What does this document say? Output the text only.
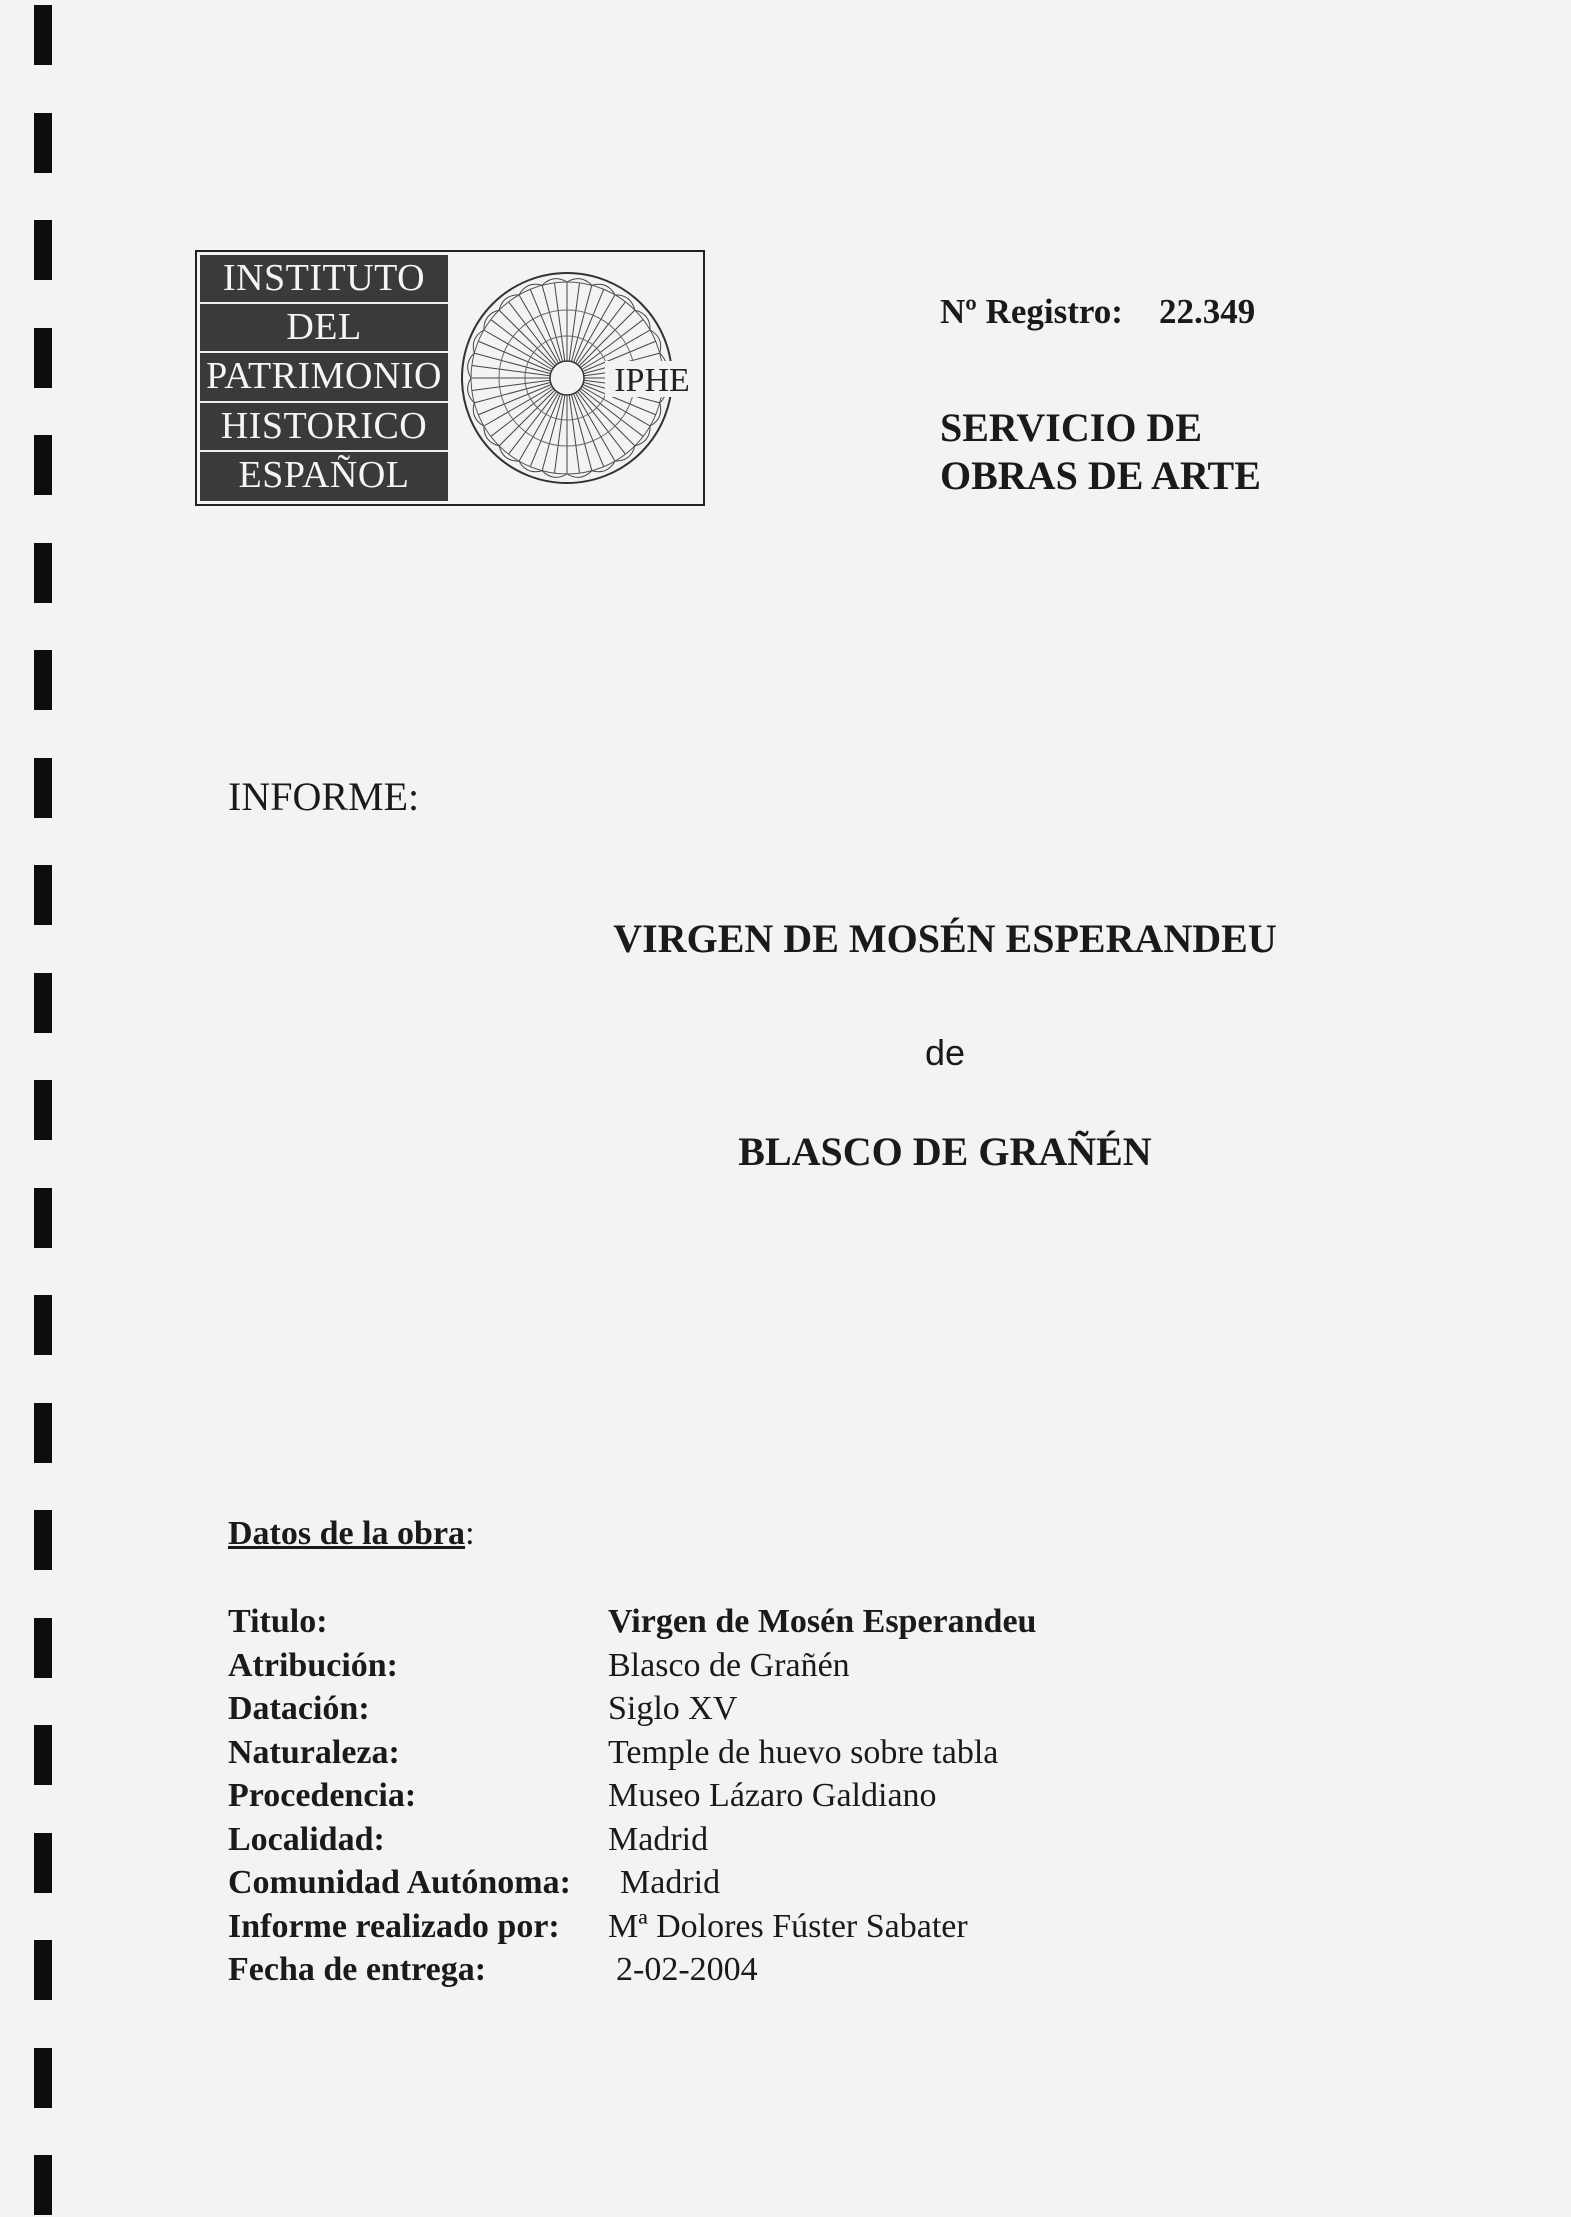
INSTITUTO
DEL
PATRIMONIO
HISTORICO
ESPAÑOL
IPHE
Nº Registro: 22.349
SERVICIO DE
OBRAS DE ARTE
INFORME:
VIRGEN DE MOSÉN ESPERANDEU
de
BLASCO DE GRAÑÉN
Datos de la obra:
Titulo:	Virgen de Mosén Esperandeu
Atribución:	Blasco de Grañén
Datación:	Siglo XV
Naturaleza:	Temple de huevo sobre tabla
Procedencia:	Museo Lázaro Galdiano
Localidad:	Madrid
Comunidad Autónoma: Madrid
Informe realizado por: Mª Dolores Fúster Sabater
Fecha de entrega:	2-02-2004
